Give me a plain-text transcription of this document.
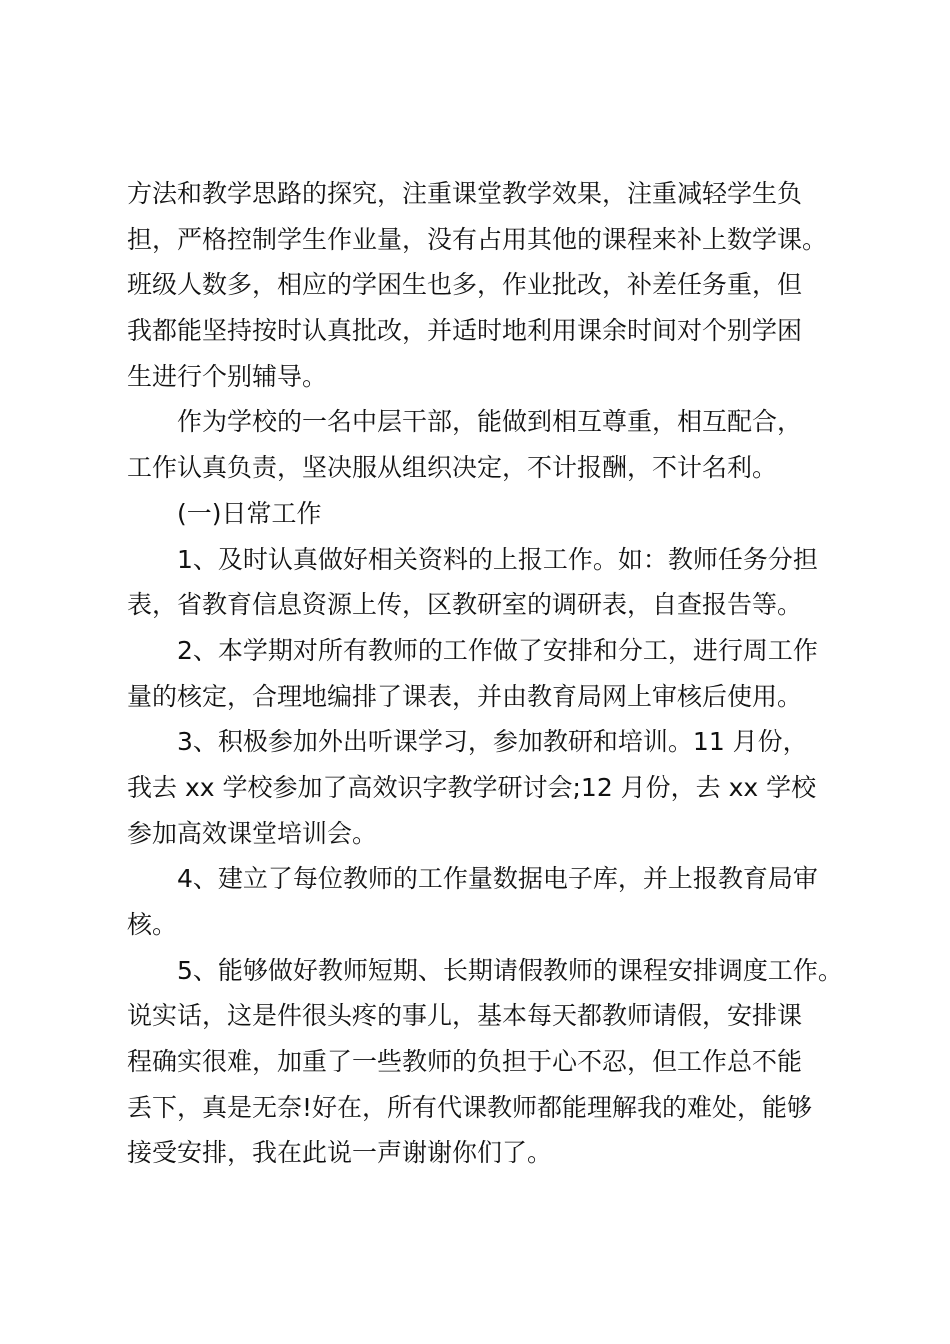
方法和教学思路的探究，注重课堂教学效果，注重减轻学生负
担，严格控制学生作业量，没有占用其他的课程来补上数学课。
班级人数多，相应的学困生也多，作业批改，补差任务重，但
我都能坚持按时认真批改，并适时地利用课余时间对个别学困
生进行个别辅导。
作为学校的一名中层干部，能做到相互尊重，相互配合，
工作认真负责，坚决服从组织决定，不计报酬，不计名利。
(一)日常工作
1、及时认真做好相关资料的上报工作。如：教师任务分担
表，省教育信息资源上传，区教研室的调研表，自查报告等。
2、本学期对所有教师的工作做了安排和分工，进行周工作
量的核定，合理地编排了课表，并由教育局网上审核后使用。
3、积极参加外出听课学习，参加教研和培训。11 月份，
我去 xx 学校参加了高效识字教学研讨会;12 月份，去 xx 学校
参加高效课堂培训会。
4、建立了每位教师的工作量数据电子库，并上报教育局审
核。
5、能够做好教师短期、长期请假教师的课程安排调度工作。
说实话，这是件很头疼的事儿，基本每天都教师请假，安排课
程确实很难，加重了一些教师的负担于心不忍，但工作总不能
丢下，真是无奈!好在，所有代课教师都能理解我的难处，能够
接受安排，我在此说一声谢谢你们了。
